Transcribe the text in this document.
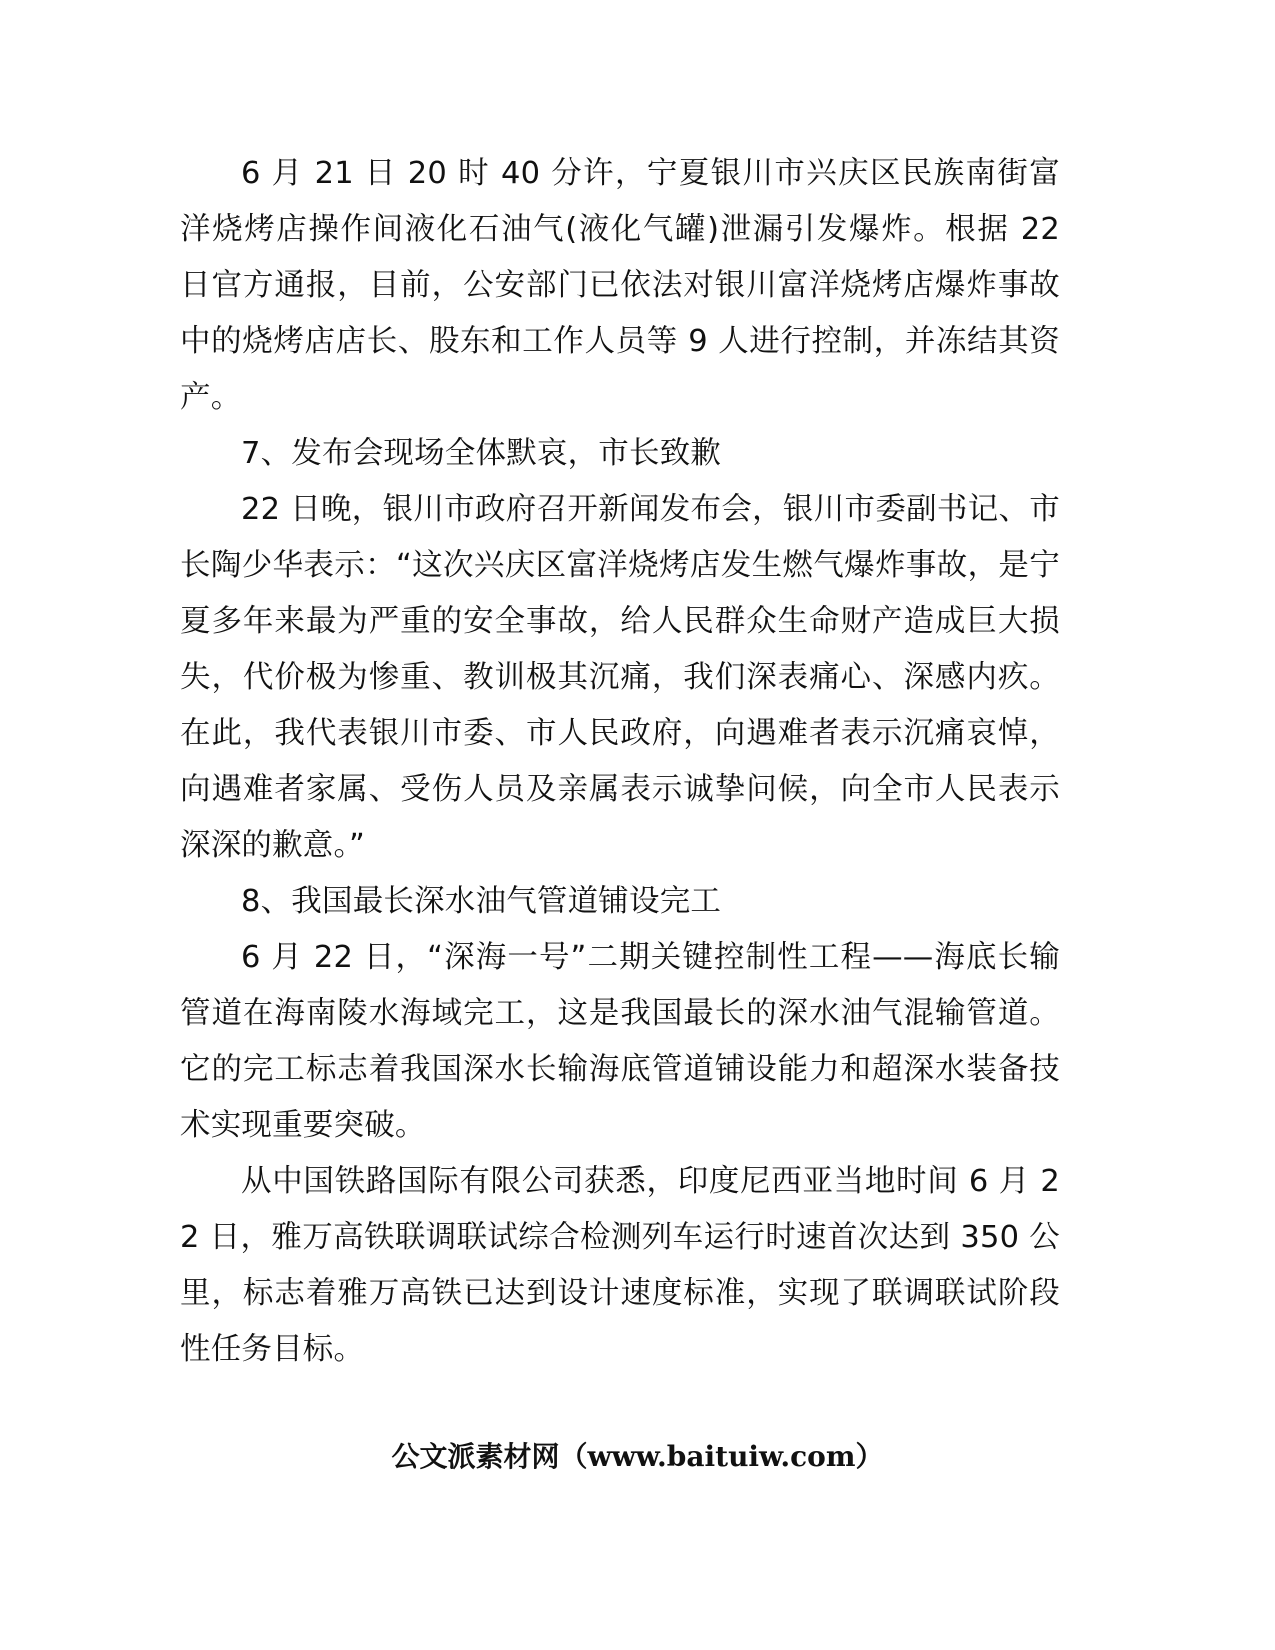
6 月 21 日 20 时 40 分许，宁夏银川市兴庆区民族南街富洋烧烤店操作间液化石油气(液化气罐)泄漏引发爆炸。根据 22 日官方通报，目前，公安部门已依法对银川富洋烧烤店爆炸事故中的烧烤店店长、股东和工作人员等 9 人进行控制，并冻结其资产。

7、发布会现场全体默哀，市长致歉

22 日晚，银川市政府召开新闻发布会，银川市委副书记、市长陶少华表示：“这次兴庆区富洋烧烤店发生燃气爆炸事故，是宁夏多年来最为严重的安全事故，给人民群众生命财产造成巨大损失，代价极为惨重、教训极其沉痛，我们深表痛心、深感内疚。在此，我代表银川市委、市人民政府，向遇难者表示沉痛哀悼，向遇难者家属、受伤人员及亲属表示诚挚问候，向全市人民表示深深的歉意。”

8、我国最长深水油气管道铺设完工

6 月 22 日，“深海一号”二期关键控制性工程——海底长输管道在海南陵水海域完工，这是我国最长的深水油气混输管道。它的完工标志着我国深水长输海底管道铺设能力和超深水装备技术实现重要突破。

从中国铁路国际有限公司获悉，印度尼西亚当地时间 6 月 22 日，雅万高铁联调联试综合检测列车运行时速首次达到 350 公里，标志着雅万高铁已达到设计速度标准，实现了联调联试阶段性任务目标。

公文派素材网（www.baituiw.com）
